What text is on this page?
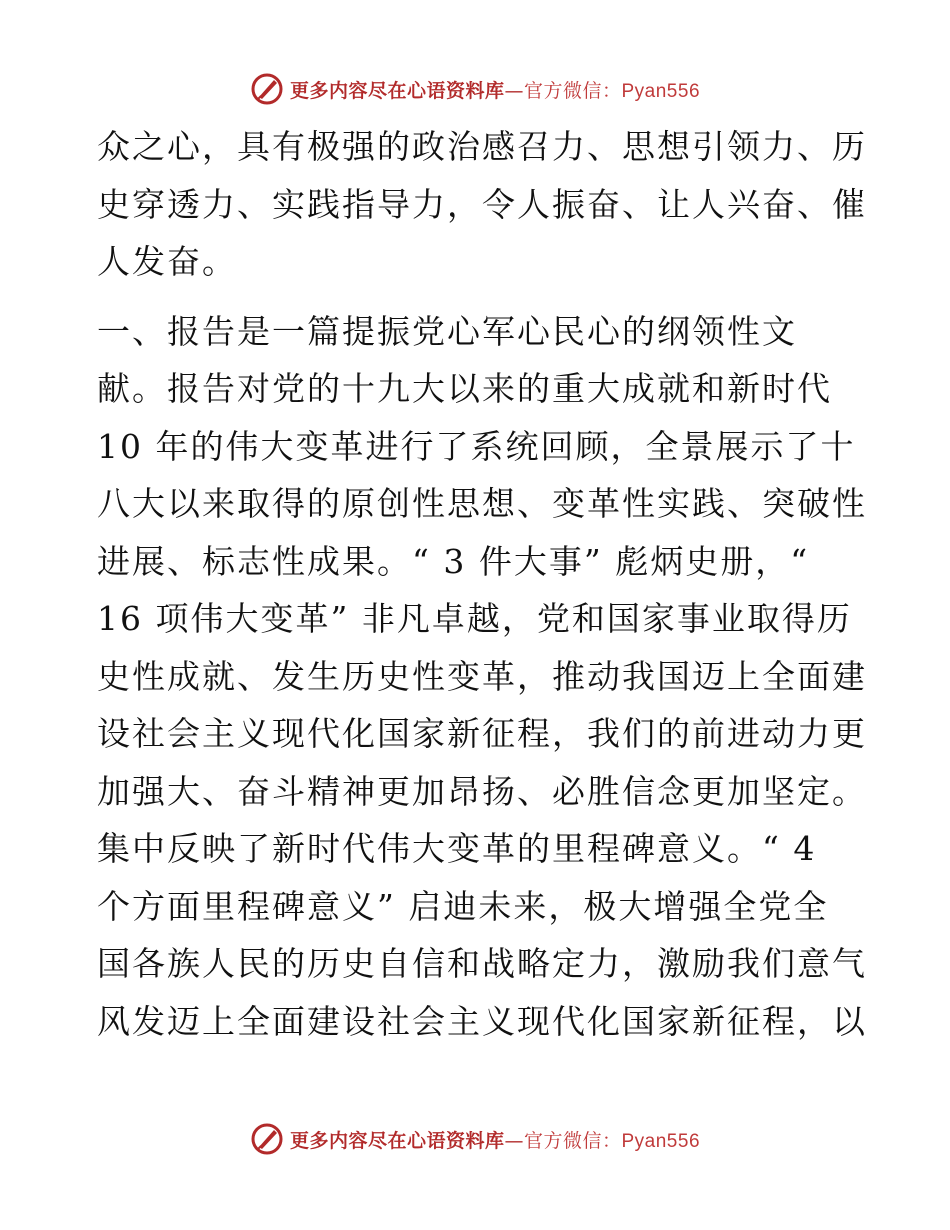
更多内容尽在心语资料库—官方微信：Pyan556
众之心，具有极强的政治感召力、思想引领力、历
史穿透力、实践指导力，令人振奋、让人兴奋、催
人发奋。
一、报告是一篇提振党心军心民心的纲领性文
献。报告对党的十九大以来的重大成就和新时代
10 年的伟大变革进行了系统回顾，全景展示了十
八大以来取得的原创性思想、变革性实践、突破性
进展、标志性成果。“ 3 件大事” 彪炳史册，“
16 项伟大变革” 非凡卓越，党和国家事业取得历
史性成就、发生历史性变革，推动我国迈上全面建
设社会主义现代化国家新征程，我们的前进动力更
加强大、奋斗精神更加昂扬、必胜信念更加坚定。
集中反映了新时代伟大变革的里程碑意义。“ 4
个方面里程碑意义” 启迪未来，极大增强全党全
国各族人民的历史自信和战略定力，激励我们意气
风发迈上全面建设社会主义现代化国家新征程，以
更多内容尽在心语资料库—官方微信：Pyan556
